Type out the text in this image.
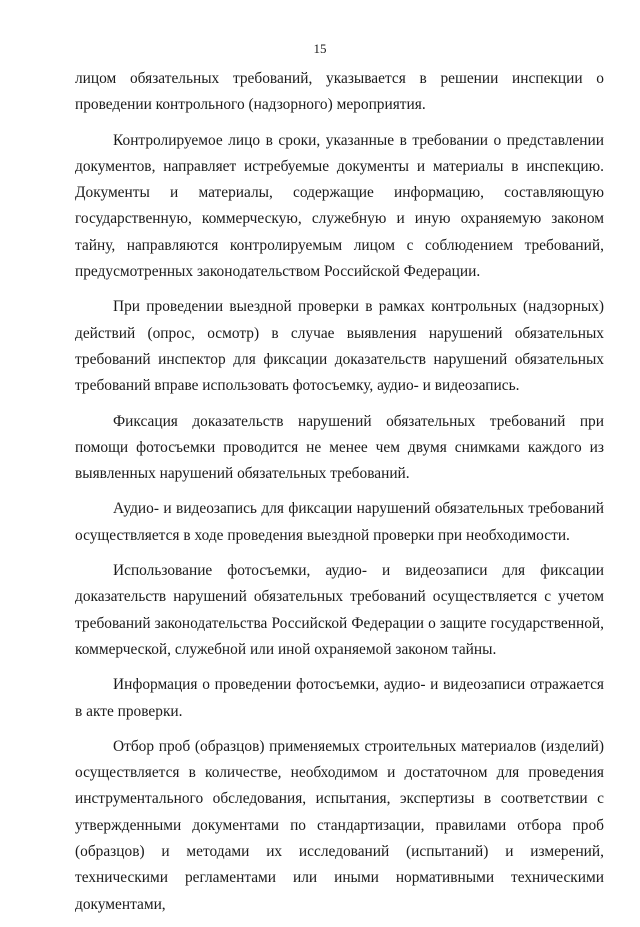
15

лицом обязательных требований, указывается в решении инспекции о проведении контрольного (надзорного) мероприятия.

Контролируемое лицо в сроки, указанные в требовании о представлении документов, направляет истребуемые документы и материалы в инспекцию. Документы и материалы, содержащие информацию, составляющую государственную, коммерческую, служебную и иную охраняемую законом тайну, направляются контролируемым лицом с соблюдением требований, предусмотренных законодательством Российской Федерации.

При проведении выездной проверки в рамках контрольных (надзорных) действий (опрос, осмотр) в случае выявления нарушений обязательных требований инспектор для фиксации доказательств нарушений обязательных требований вправе использовать фотосъемку, аудио- и видеозапись.

Фиксация доказательств нарушений обязательных требований при помощи фотосъемки проводится не менее чем двумя снимками каждого из выявленных нарушений обязательных требований.

Аудио- и видеозапись для фиксации нарушений обязательных требований осуществляется в ходе проведения выездной проверки при необходимости.

Использование фотосъемки, аудио- и видеозаписи для фиксации доказательств нарушений обязательных требований осуществляется с учетом требований законодательства Российской Федерации о защите государственной, коммерческой, служебной или иной охраняемой законом тайны.

Информация о проведении фотосъемки, аудио- и видеозаписи отражается в акте проверки.

Отбор проб (образцов) применяемых строительных материалов (изделий) осуществляется в количестве, необходимом и достаточном для проведения инструментального обследования, испытания, экспертизы в соответствии с утвержденными документами по стандартизации, правилами отбора проб (образцов) и методами их исследований (испытаний) и измерений, техническими регламентами или иными нормативными техническими документами,
